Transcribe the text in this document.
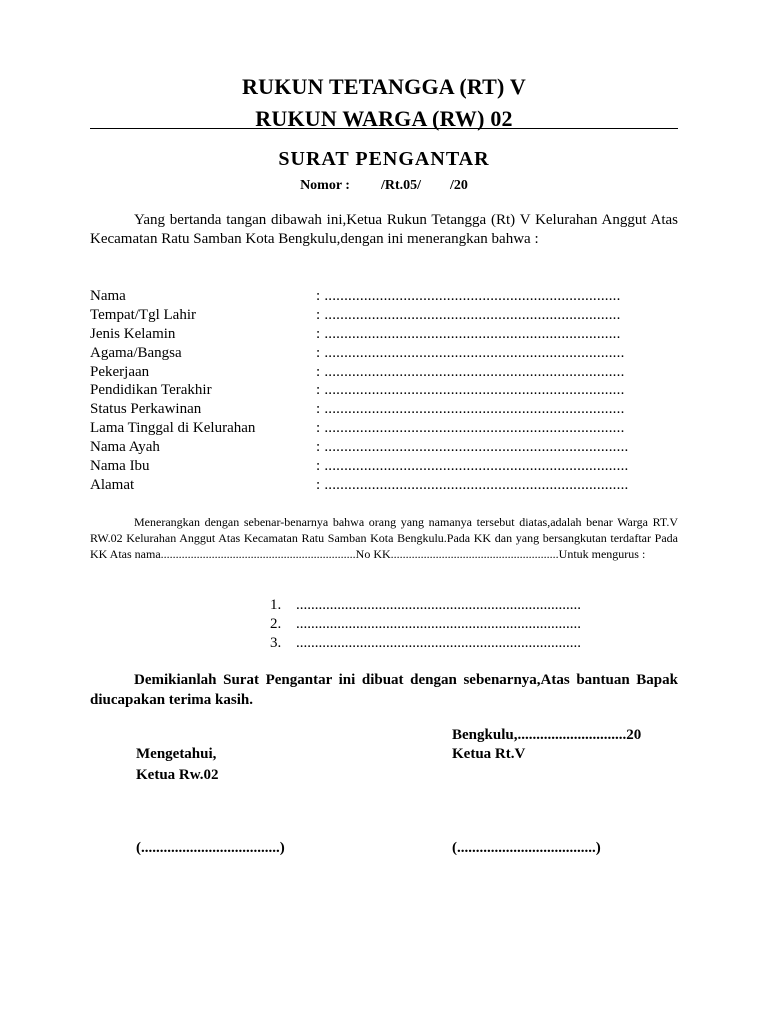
RUKUN TETANGGA (RT) V
RUKUN WARGA (RW) 02
SURAT PENGANTAR
Nomor : /Rt.05/ /20
Yang bertanda tangan dibawah ini,Ketua Rukun Tetangga (Rt) V Kelurahan Anggut Atas Kecamatan Ratu Samban Kota Bengkulu,dengan ini menerangkan bahwa :
Nama	: ...........................................................................
Tempat/Tgl Lahir	: ...........................................................................
Jenis Kelamin	: ...........................................................................
Agama/Bangsa	: ............................................................................
Pekerjaan	: ............................................................................
Pendidikan Terakhir	: ............................................................................
Status Perkawinan	: ............................................................................
Lama Tinggal di Kelurahan	: ............................................................................
Nama Ayah	: .............................................................................
Nama Ibu	: .............................................................................
Alamat	: .............................................................................
Menerangkan dengan sebenar-benarnya bahwa orang yang namanya tersebut diatas,adalah benar Warga RT.V RW.02 Kelurahan Anggut Atas Kecamatan Ratu Samban Kota Bengkulu.Pada KK dan yang bersangkutan terdaftar Pada KK Atas nama.................................................................No KK........................................................Untuk mengurus :
1. ............................................................................
2. ............................................................................
3. ............................................................................
Demikianlah Surat Pengantar ini dibuat dengan sebenarnya,Atas bantuan Bapak diucapakan terima kasih.
Bengkulu,.............................20
Mengetahui,	Ketua Rt.V
Ketua Rw.02
(.....................................)	(.....................................)
